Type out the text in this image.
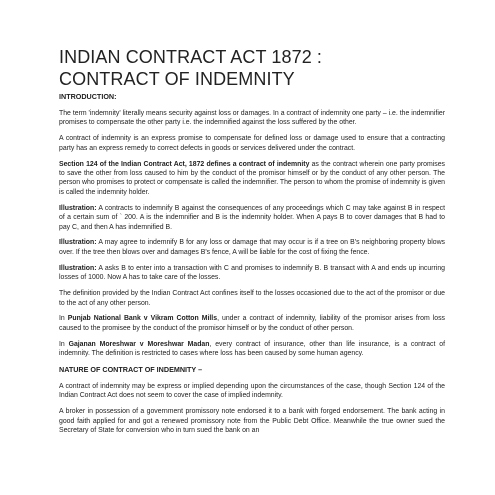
INDIAN CONTRACT ACT 1872 :
CONTRACT OF INDEMNITY
INTRODUCTION:

The term 'indemnity' literally means security against loss or damages. In a contract of indemnity one party – i.e. the indemnifier promises to compensate the other party i.e. the indemnified against the loss suffered by the other.

A contract of indemnity is an express promise to compensate for defined loss or damage used to ensure that a contracting party has an express remedy to correct defects in goods or services delivered under the contract.

Section 124 of the Indian Contract Act, 1872 defines a contract of indemnity as the contract wherein one party promises to save the other from loss caused to him by the conduct of the promisor himself or by the conduct of any other person. The person who promises to protect or compensate is called the indemnifier. The person to whom the promise of indemnity is given is called the indemnity holder.

Illustration: A contracts to indemnify B against the consequences of any proceedings which C may take against B in respect of a certain sum of ` 200. A is the indemnifier and B is the indemnity holder. When A pays B to cover damages that B had to pay C, and then A has indemnified B.

Illustration: A may agree to indemnify B for any loss or damage that may occur is if a tree on B's neighboring property blows over. If the tree then blows over and damages B's fence, A will be liable for the cost of fixing the fence.

Illustration: A asks B to enter into a transaction with C and promises to indemnify B. B transact with A and ends up incurring losses of 1000. Now A has to take care of the losses.

The definition provided by the Indian Contract Act confines itself to the losses occasioned due to the act of the promisor or due to the act of any other person.

In Punjab National Bank v Vikram Cotton Mills, under a contract of indemnity, liability of the promisor arises from loss caused to the promisee by the conduct of the promisor himself or by the conduct of other person.

In Gajanan Moreshwar v Moreshwar Madan, every contract of insurance, other than life insurance, is a contract of indemnity. The definition is restricted to cases where loss has been caused by some human agency.

NATURE OF CONTRACT OF INDEMNITY –

A contract of indemnity may be express or implied depending upon the circumstances of the case, though Section 124 of the Indian Contract Act does not seem to cover the case of implied indemnity.

A broker in possession of a government promissory note endorsed it to a bank with forged endorsement. The bank acting in good faith applied for and got a renewed promissory note from the Public Debt Office. Meanwhile the true owner sued the Secretary of State for conversion who in turn sued the bank on an
